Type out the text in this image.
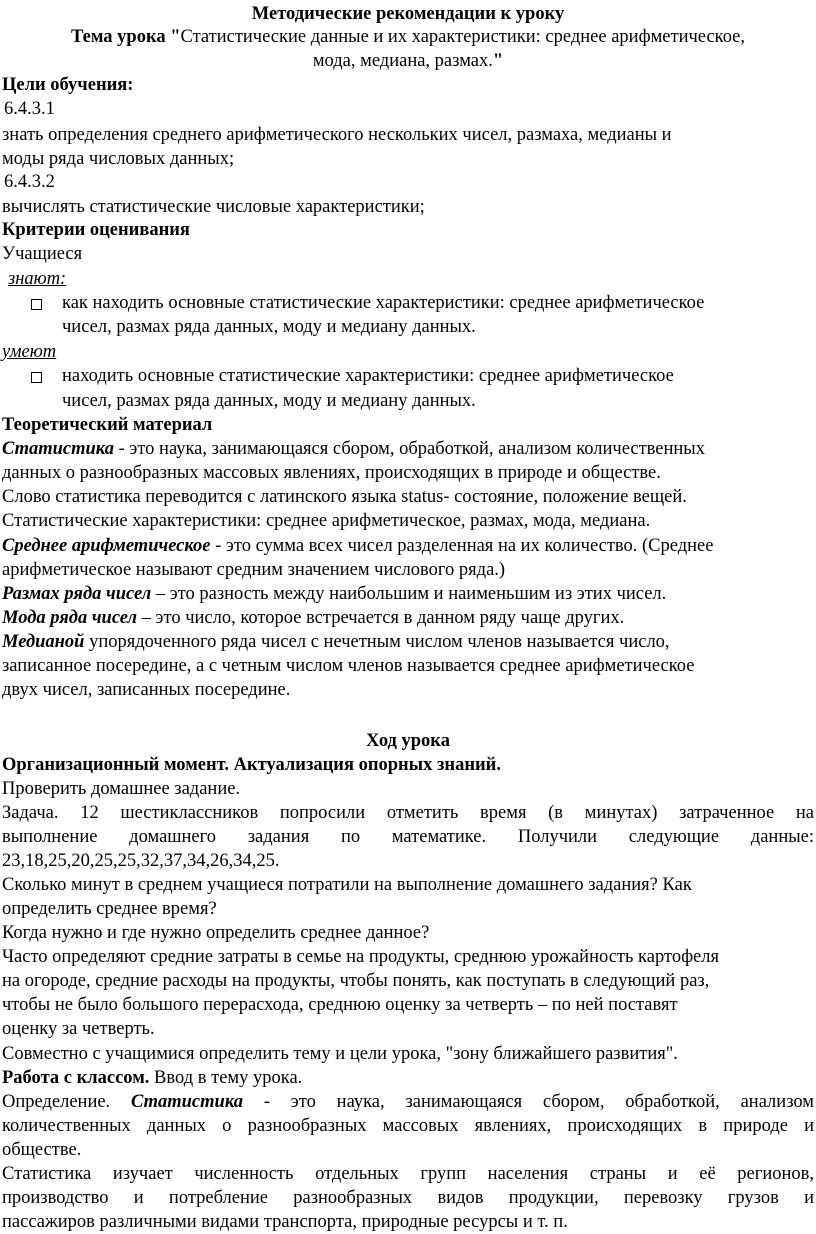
Методические рекомендации к уроку
Тема урока "Статистические данные и их характеристики: среднее арифметическое,
мода, медиана, размах."
Цели обучения:
6.4.3.1
знать определения среднего арифметического нескольких чисел, размаха, медианы и
моды ряда числовых данных;
6.4.3.2
вычислять статистические числовые характеристики;
Критерии оценивания
Учащиеся
знают:
как находить основные статистические характеристики: среднее арифметическое
чисел, размах ряда данных, моду и медиану данных.
умеют
находить основные статистические характеристики: среднее арифметическое
чисел, размах ряда данных, моду и медиану данных.
Теоретический материал
Статистика - это наука, занимающаяся сбором, обработкой, анализом количественных
данных о разнообразных массовых явлениях, происходящих в природе и обществе.
Слово статистика переводится с латинского языка status- состояние, положение вещей.
Статистические характеристики: среднее арифметическое, размах, мода, медиана.
Среднее арифметическое - это сумма всех чисел разделенная на их количество. (Среднее
арифметическое называют средним значением числового ряда.)
Размах ряда чисел – это разность между наибольшим и наименьшим из этих чисел.
Мода ряда чисел – это число, которое встречается в данном ряду чаще других.
Медианой упорядоченного ряда чисел с нечетным числом членов называется число,
записанное посередине, а с четным числом членов называется среднее арифметическое
двух чисел, записанных посередине.
Ход урока
Организационный момент. Актуализация опорных знаний.
Проверить домашнее задание.
Задача. 12 шестиклассников попросили отметить время (в минутах) затраченное на
выполнение домашнего задания по математике. Получили следующие данные:
23,18,25,20,25,25,32,37,34,26,34,25.
Сколько минут в среднем учащиеся потратили на выполнение домашнего задания? Как
определить среднее время?
Когда нужно и где нужно определить среднее данное?
Часто определяют средние затраты в семье на продукты, среднюю урожайность картофеля
на огороде, средние расходы на продукты, чтобы понять, как поступать в следующий раз,
чтобы не было большого перерасхода, среднюю оценку за четверть – по ней поставят
оценку за четверть.
Совместно с учащимися определить тему и цели урока, "зону ближайшего развития".
Работа с классом. Ввод в тему урока.
Определение. Статистика - это наука, занимающаяся сбором, обработкой, анализом
количественных данных о разнообразных массовых явлениях, происходящих в природе и
обществе.
Статистика изучает численность отдельных групп населения страны и её регионов,
производство и потребление разнообразных видов продукции, перевозку грузов и
пассажиров различными видами транспорта, природные ресурсы и т. п.
